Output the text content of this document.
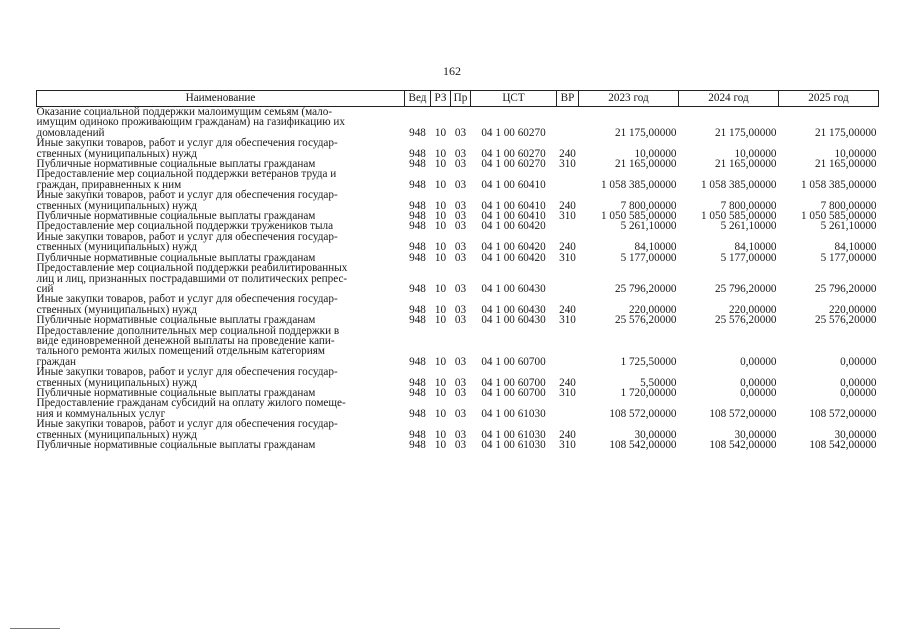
162
Наименование	Вед	РЗ	Пр	ЦСТ	ВР	2023 год	2024 год	2025 год
Оказание социальной поддержки малоимущим семьям (мало-
имущим одиноко проживающим гражданам) на газификацию их
домовладений	948	10	03	04 1 00 60270		21 175,00000	21 175,00000	21 175,00000
Иные закупки товаров, работ и услуг для обеспечения государ-
ственных (муниципальных) нужд	948	10	03	04 1 00 60270	240	10,00000	10,00000	10,00000
Публичные нормативные социальные выплаты гражданам	948	10	03	04 1 00 60270	310	21 165,00000	21 165,00000	21 165,00000
Предоставление мер социальной поддержки ветеранов труда и
граждан, приравненных к ним	948	10	03	04 1 00 60410		1 058 385,00000	1 058 385,00000	1 058 385,00000
Иные закупки товаров, работ и услуг для обеспечения государ-
ственных (муниципальных) нужд	948	10	03	04 1 00 60410	240	7 800,00000	7 800,00000	7 800,00000
Публичные нормативные социальные выплаты гражданам	948	10	03	04 1 00 60410	310	1 050 585,00000	1 050 585,00000	1 050 585,00000
Предоставление мер социальной поддержки тружеников тыла	948	10	03	04 1 00 60420		5 261,10000	5 261,10000	5 261,10000
Иные закупки товаров, работ и услуг для обеспечения государ-
ственных (муниципальных) нужд	948	10	03	04 1 00 60420	240	84,10000	84,10000	84,10000
Публичные нормативные социальные выплаты гражданам	948	10	03	04 1 00 60420	310	5 177,00000	5 177,00000	5 177,00000
Предоставление мер социальной поддержки реабилитированных
лиц и лиц, признанных пострадавшими от политических репрес-
сий	948	10	03	04 1 00 60430		25 796,20000	25 796,20000	25 796,20000
Иные закупки товаров, работ и услуг для обеспечения государ-
ственных (муниципальных) нужд	948	10	03	04 1 00 60430	240	220,00000	220,00000	220,00000
Публичные нормативные социальные выплаты гражданам	948	10	03	04 1 00 60430	310	25 576,20000	25 576,20000	25 576,20000
Предоставление дополнительных мер социальной поддержки в
виде единовременной денежной выплаты на проведение капи-
тального ремонта жилых помещений отдельным категориям
граждан	948	10	03	04 1 00 60700		1 725,50000	0,00000	0,00000
Иные закупки товаров, работ и услуг для обеспечения государ-
ственных (муниципальных) нужд	948	10	03	04 1 00 60700	240	5,50000	0,00000	0,00000
Публичные нормативные социальные выплаты гражданам	948	10	03	04 1 00 60700	310	1 720,00000	0,00000	0,00000
Предоставление гражданам субсидий на оплату жилого помеще-
ния и коммунальных услуг	948	10	03	04 1 00 61030		108 572,00000	108 572,00000	108 572,00000
Иные закупки товаров, работ и услуг для обеспечения государ-
ственных (муниципальных) нужд	948	10	03	04 1 00 61030	240	30,00000	30,00000	30,00000
Публичные нормативные социальные выплаты гражданам	948	10	03	04 1 00 61030	310	108 542,00000	108 542,00000	108 542,00000
